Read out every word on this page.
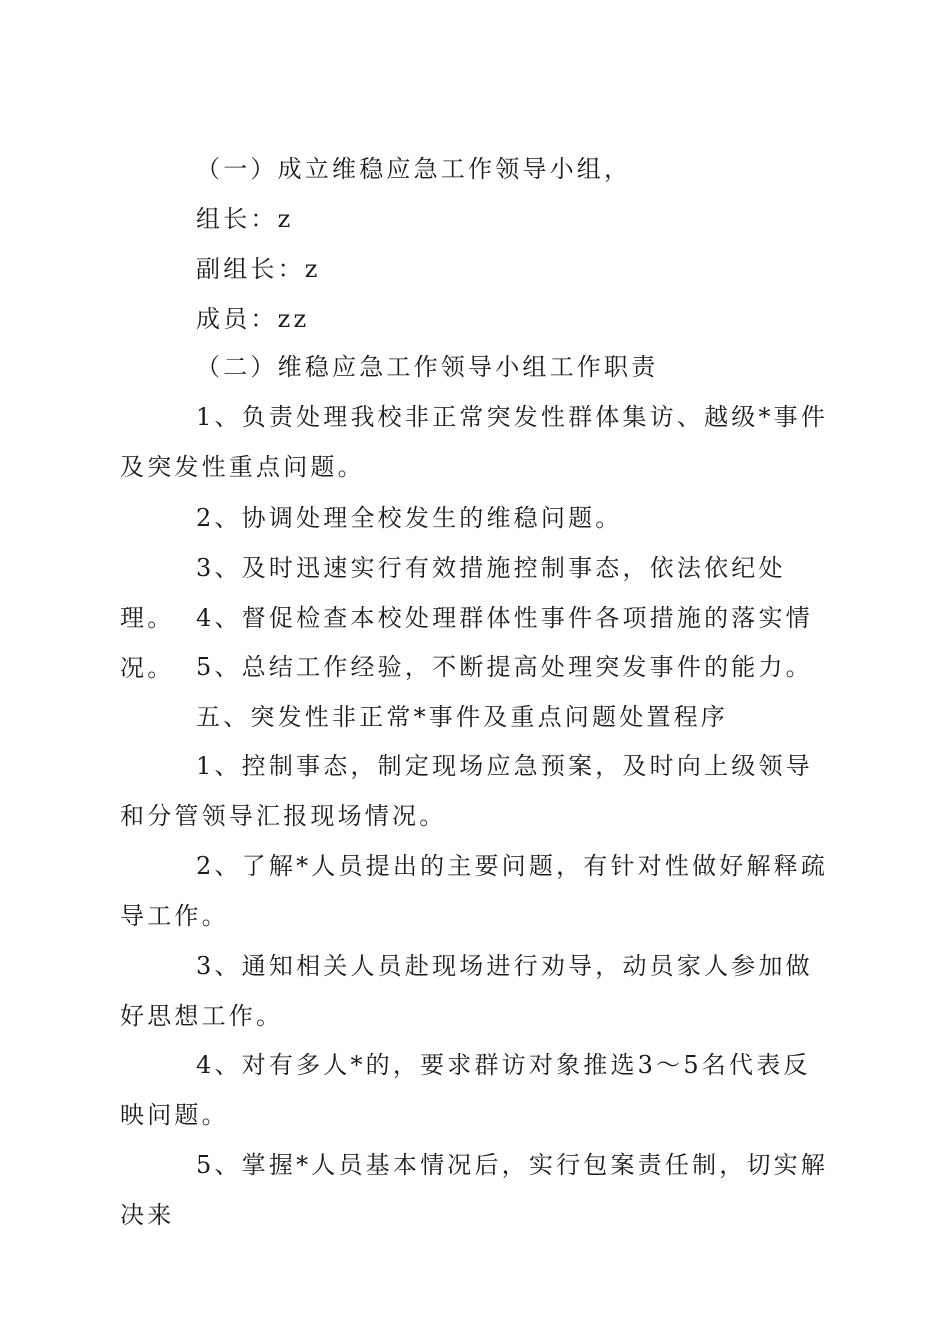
（一）成立维稳应急工作领导小组，

组长：z

副组长：z

成员：zz

（二）维稳应急工作领导小组工作职责

1、负责处理我校非正常突发性群体集访、越级*事件及突发性重点问题。

2、协调处理全校发生的维稳问题。

3、及时迅速实行有效措施控制事态，依法依纪处理。 4、督促检查本校处理群体性事件各项措施的落实情况。 5、总结工作经验，不断提高处理突发事件的能力。

五、突发性非正常*事件及重点问题处置程序

1、控制事态，制定现场应急预案，及时向上级领导和分管领导汇报现场情况。

2、了解*人员提出的主要问题，有针对性做好解释疏导工作。

3、通知相关人员赴现场进行劝导，动员家人参加做好思想工作。

4、对有多人*的，要求群访对象推选3～5名代表反映问题。

5、掌握*人员基本情况后，实行包案责任制，切实解决来
